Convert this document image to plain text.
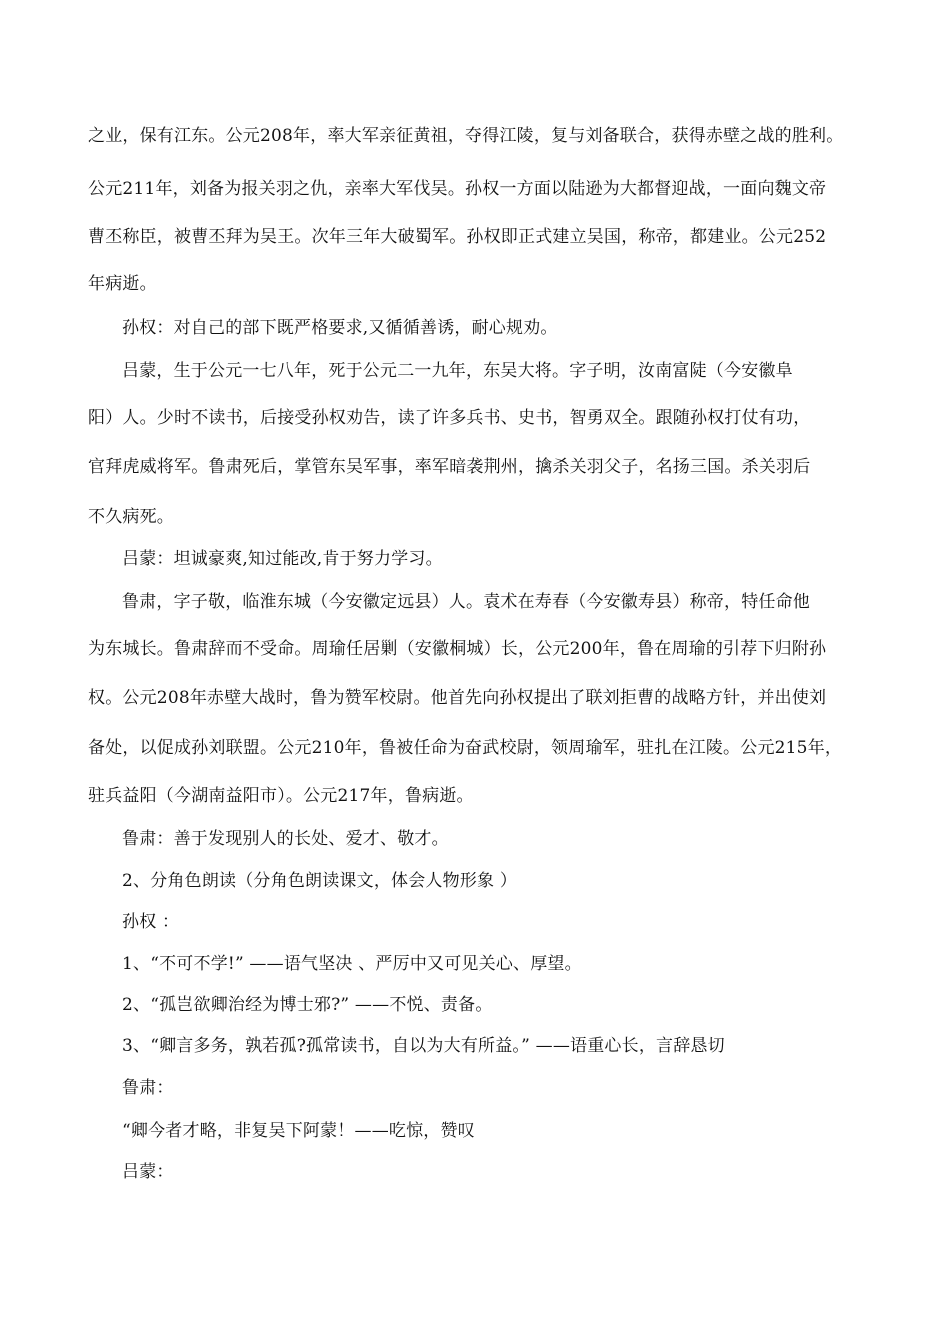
之业，保有江东。公元208年，率大军亲征黄祖，夺得江陵，复与刘备联合，获得赤壁之战的胜利。
公元211年，刘备为报关羽之仇，亲率大军伐吴。孙权一方面以陆逊为大都督迎战，一面向魏文帝
曹丕称臣，被曹丕拜为吴王。次年三年大破蜀军。孙权即正式建立吴国，称帝，都建业。公元252
年病逝。
孙权：对自己的部下既严格要求,又循循善诱，耐心规劝。
吕蒙，生于公元一七八年，死于公元二一九年，东吴大将。字子明，汝南富陡（今安徽阜
阳）人。少时不读书，后接受孙权劝告，读了许多兵书、史书，智勇双全。跟随孙权打仗有功，
官拜虎威将军。鲁肃死后，掌管东吴军事，率军暗袭荆州，擒杀关羽父子，名扬三国。杀关羽后
不久病死。
吕蒙：坦诚豪爽,知过能改,肯于努力学习。
鲁肃，字子敬，临淮东城（今安徽定远县）人。袁术在寿春（今安徽寿县）称帝，特任命他
为东城长。鲁肃辞而不受命。周瑜任居剿（安徽桐城）长，公元200年，鲁在周瑜的引荐下归附孙
权。公元208年赤壁大战时，鲁为赞军校尉。他首先向孙权提出了联刘拒曹的战略方针，并出使刘
备处，以促成孙刘联盟。公元210年，鲁被任命为奋武校尉，领周瑜军，驻扎在江陵。公元215年，
驻兵益阳（今湖南益阳市）。公元217年，鲁病逝。
鲁肃：善于发现别人的长处、爱才、敬才。
2、分角色朗读（分角色朗读课文，体会人物形象 ）
孙权 ：
1、“不可不学!” ——语气坚决 、严厉中又可见关心、厚望。
2、“孤岂欲卿治经为博士邪?” ——不悦、责备。
3、“卿言多务，孰若孤?孤常读书，自以为大有所益。” ——语重心长，言辞恳切
鲁肃：
“卿今者才略，非复吴下阿蒙！——吃惊，赞叹
吕蒙：
